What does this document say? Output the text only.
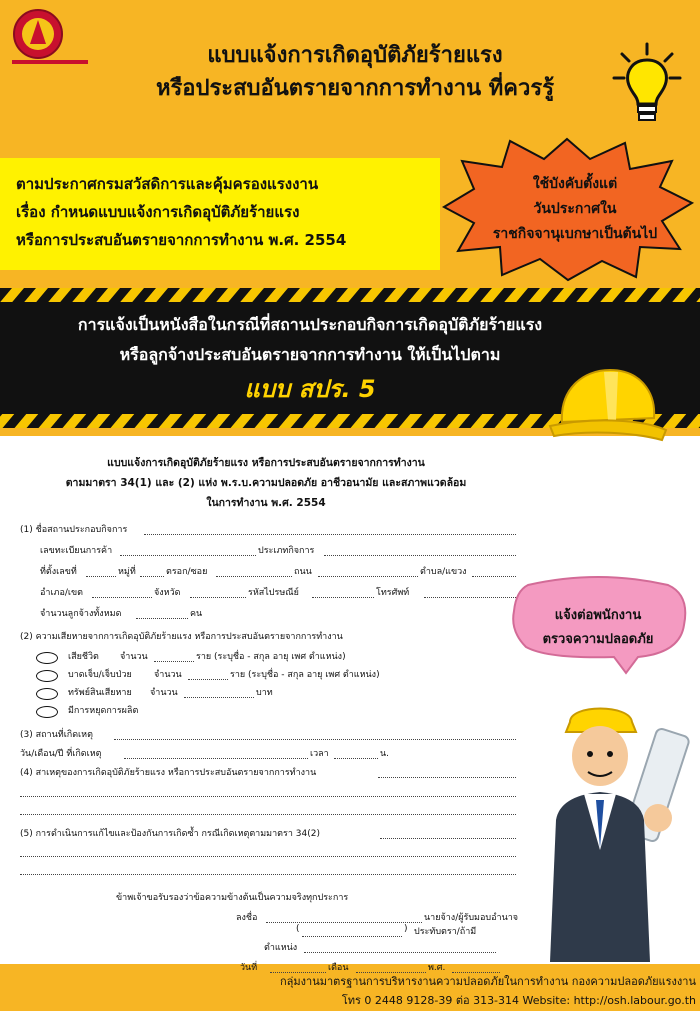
แบบแจ้งการเกิดอุบัติภัยร้ายแรง
หรือประสบอันตรายจากการทำงาน ที่ควรรู้
ตามประกาศกรมสวัสดิการและคุ้มครองแรงงาน
เรื่อง กำหนดแบบแจ้งการเกิดอุบัติภัยร้ายแรง
หรือการประสบอันตรายจากการทำงาน พ.ศ. 2554
ใช้บังคับตั้งแต่
วันประกาศใน
ราชกิจจานุเบกษาเป็นต้นไป
การแจ้งเป็นหนังสือในกรณีที่สถานประกอบกิจการเกิดอุบัติภัยร้ายแรง
หรือลูกจ้างประสบอันตรายจากการทำงาน ให้เป็นไปตาม
แบบ สปร. 5
แบบแจ้งการเกิดอุบัติภัยร้ายแรง หรือการประสบอันตรายจากการทำงาน
ตามมาตรา 34(1) และ (2) แห่ง พ.ร.บ.ความปลอดภัย อาชีวอนามัย และสภาพแวดล้อม
ในการทำงาน พ.ศ. 2554
(1) ชื่อสถานประกอบกิจการ
เลขทะเบียนการค้า	ประเภทกิจการ
ที่ตั้งเลขที่	หมู่ที่	ตรอก/ซอย	ถนน	ตำบล/แขวง
อำเภอ/เขต	จังหวัด	รหัสไปรษณีย์	โทรศัพท์
จำนวนลูกจ้างทั้งหมด	คน
(2) ความเสียหายจากการเกิดอุบัติภัยร้ายแรง หรือการประสบอันตรายจากการทำงาน
เสียชีวิต จำนวน	ราย (ระบุชื่อ - สกุล อายุ เพศ ตำแหน่ง)
บาดเจ็บ/เจ็บป่วย จำนวน	ราย (ระบุชื่อ - สกุล อายุ เพศ ตำแหน่ง)
ทรัพย์สินเสียหาย จำนวน	บาท
มีการหยุดการผลิต
(3) สถานที่เกิดเหตุ
วัน/เดือน/ปี ที่เกิดเหตุ	เวลา	น.
(4) สาเหตุของการเกิดอุบัติภัยร้ายแรง หรือการประสบอันตรายจากการทำงาน
(5) การดำเนินการแก้ไขและป้องกันการเกิดซ้ำ กรณีเกิดเหตุตามมาตรา 34(2)
ข้าพเจ้าขอรับรองว่าข้อความข้างต้นเป็นความจริงทุกประการ
ลงชื่อ	นายจ้าง/ผู้รับมอบอำนาจ
(	) ประทับตรา/ถ้ามี
ตำแหน่ง
วันที่	เดือน	พ.ศ.
แจ้งต่อพนักงาน
ตรวจความปลอดภัย
กลุ่มงานมาตรฐานการบริหารงานความปลอดภัยในการทำงาน กองความปลอดภัยแรงงาน
โทร 0 2448 9128-39 ต่อ 313-314 Website: http://osh.labour.go.th
